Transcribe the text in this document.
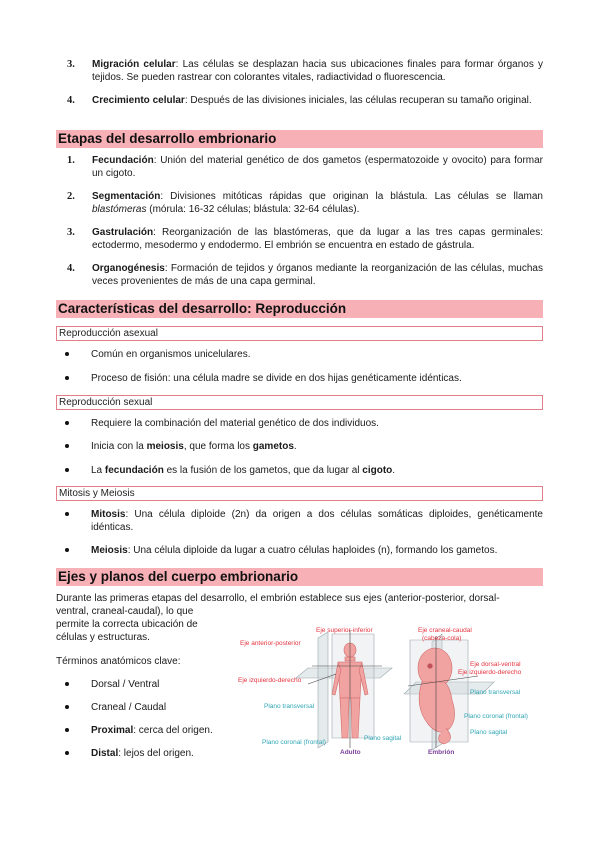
3. Migración celular: Las células se desplazan hacia sus ubicaciones finales para formar órganos y tejidos. Se pueden rastrear con colorantes vitales, radiactividad o fluorescencia.
4. Crecimiento celular: Después de las divisiones iniciales, las células recuperan su tamaño original.
Etapas del desarrollo embrionario
1. Fecundación: Unión del material genético de dos gametos (espermatozoide y ovocito) para formar un cigoto.
2. Segmentación: Divisiones mitóticas rápidas que originan la blástula. Las células se llaman blastómeras (mórula: 16-32 células; blástula: 32-64 células).
3. Gastrulación: Reorganización de las blastómeras, que da lugar a las tres capas germinales: ectodermo, mesodermo y endodermo. El embrión se encuentra en estado de gástrula.
4. Organogénesis: Formación de tejidos y órganos mediante la reorganización de las células, muchas veces provenientes de más de una capa germinal.
Características del desarrollo: Reproducción
Reproducción asexual
Común en organismos unicelulares.
Proceso de fisión: una célula madre se divide en dos hijas genéticamente idénticas.
Reproducción sexual
Requiere la combinación del material genético de dos individuos.
Inicia con la meiosis, que forma los gametos.
La fecundación es la fusión de los gametos, que da lugar al cigoto.
Mitosis y Meiosis
Mitosis: Una célula diploide (2n) da origen a dos células somáticas diploides, genéticamente idénticas.
Meiosis: Una célula diploide da lugar a cuatro células haploides (n), formando los gametos.
Ejes y planos del cuerpo embrionario
Durante las primeras etapas del desarrollo, el embrión establece sus ejes (anterior-posterior, dorsal-
ventral, craneal-caudal), lo que
permite la correcta ubicación de
células y estructuras.
Términos anatómicos clave:
Dorsal / Ventral
Craneal / Caudal
Proximal: cerca del origen.
Distal: lejos del origen.
Eje superior-inferior
Eje anterior-posterior
Eje izquierdo-derecho
Plano transversal
Plano coronal (frontal)
Plano sagital
Adulto
Eje craneal-caudal
(cabeza-cola)
Eje dorsal-ventral
Eje izquierdo-derecho
Plano transversal
Plano coronal (frontal)
Plano sagital
Embrión
